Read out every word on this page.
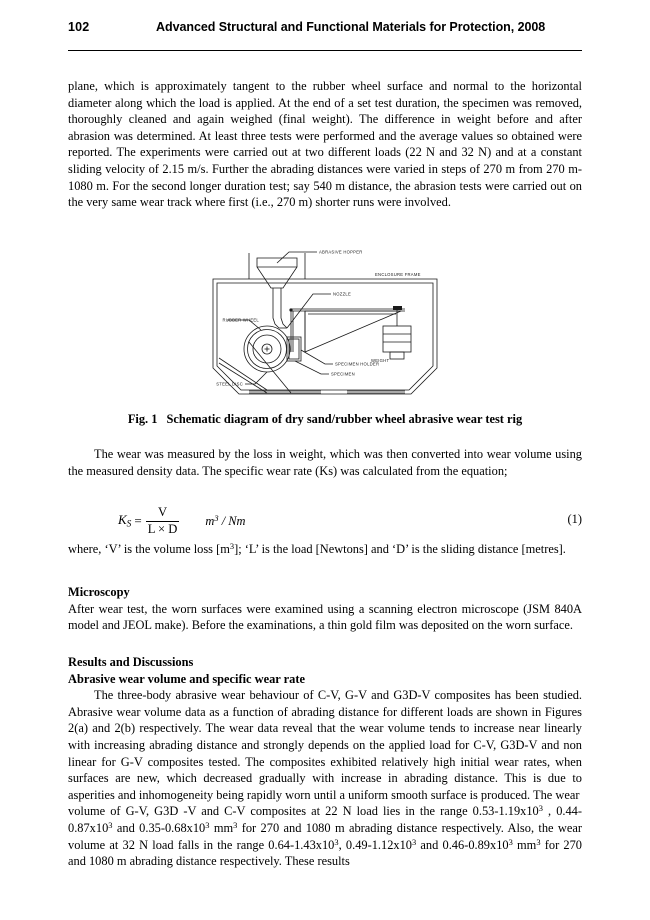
102	Advanced Structural and Functional Materials for Protection, 2008

plane, which is approximately tangent to the rubber wheel surface and normal to the horizontal diameter along which the load is applied. At the end of a set test duration, the specimen was removed, thoroughly cleaned and again weighed (final weight). The difference in weight before and after abrasion was determined. At least three tests were performed and the average values so obtained were reported. The experiments were carried out at two different loads (22 N and 32 N) and at a constant sliding velocity of 2.15 m/s. Further the abrading distances were varied in steps of 270 m from 270 m-1080 m. For the second longer duration test; say 540 m distance, the abrasion tests were carried out on the very same wear track where first (i.e., 270 m) shorter runs were involved.

ABRASIVE HOPPER
NOZZLE
ENCLOSURE FRAME
RUBBER WHEEL
SPECIMEN HOLDER
SPECIMEN
WEIGHT
STEEL DISC
Fig. 1 Schematic diagram of dry sand/rubber wheel abrasive wear test rig

The wear was measured by the loss in weight, which was then converted into wear volume using the measured density data. The specific wear rate (Ks) was calculated from the equation;

$K_S = \frac{V}{L \times D} m^3 / Nm$	(1)

where, ‘V’ is the volume loss $[m^3]$; ‘L’ is the load [Newtons] and ‘D’ is the sliding distance [metres].

Microscopy

After wear test, the worn surfaces were examined using a scanning electron microscope (JSM 840A model and JEOL make). Before the examinations, a thin gold film was deposited on the worn surface.

Results and Discussions

Abrasive wear volume and specific wear rate

The three-body abrasive wear behaviour of C-V, G-V and G3D-V composites has been studied. Abrasive wear volume data as a function of abrading distance for different loads are shown in Figures 2(a) and 2(b) respectively. The wear data reveal that the wear volume tends to increase near linearly with increasing abrading distance and strongly depends on the applied load for C-V, G3D-V and non linear for G-V composites tested. The composites exhibited relatively high initial wear rates, when surfaces are new, which decreased gradually with increase in abrading distance. This is due to asperities and inhomogeneity being rapidly worn until a uniform smooth surface is produced. The wear

volume of G-V, G3D -V and C-V composites at 22 N load lies in the range $0.53-1.19x10^3$ , $0.44-0.87x10^3$ and $0.35-0.68x10^3$ $mm^3$ for 270 and 1080 m abrading distance respectively. Also, the wear volume at 32 N load falls in the range $0.64-1.43x10^3$, $0.49-1.12x10^3$ and $0.46-0.89x10^3$ $mm^3$ for 270 and 1080 m abrading distance respectively. These results
